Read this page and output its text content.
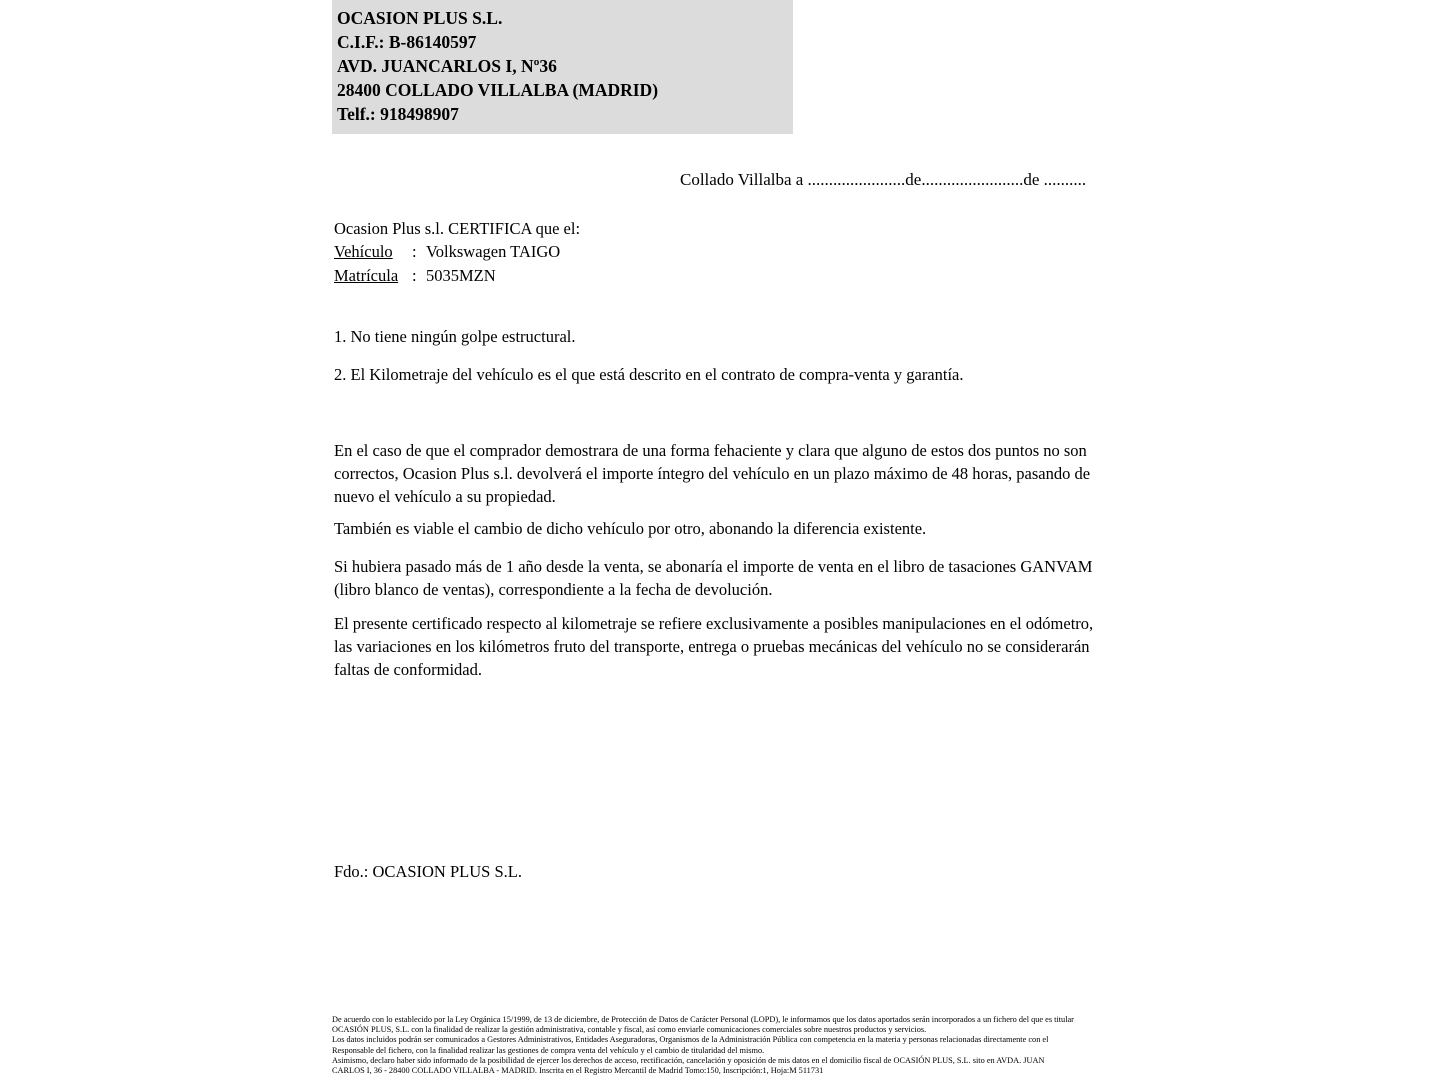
OCASION PLUS S.L.
C.I.F.: B-86140597
AVD. JUANCARLOS I, Nº36
28400 COLLADO VILLALBA (MADRID)
Telf.: 918498907
Collado Villalba a .......................de........................de ..........
Ocasion Plus s.l. CERTIFICA que el:
Vehículo : Volkswagen TAIGO
Matrícula : 5035MZN
1. No tiene ningún golpe estructural.
2. El Kilometraje del vehículo es el que está descrito en el contrato de compra-venta y garantía.
En el caso de que el comprador demostrara de una forma fehaciente y clara que alguno de estos dos puntos no son correctos, Ocasion Plus s.l. devolverá el importe íntegro del vehículo en un plazo máximo de 48 horas, pasando de nuevo el vehículo a su propiedad.
También es viable el cambio de dicho vehículo por otro, abonando la diferencia existente.
Si hubiera pasado más de 1 año desde la venta, se abonaría el importe de venta en el libro de tasaciones GANVAM (libro blanco de ventas), correspondiente a la fecha de devolución.
El presente certificado respecto al kilometraje se refiere exclusivamente a posibles manipulaciones en el odómetro, las variaciones en los kilómetros fruto del transporte, entrega o pruebas mecánicas del vehículo no se considerarán faltas de conformidad.
Fdo.: OCASION PLUS S.L.
De acuerdo con lo establecido por la Ley Orgánica 15/1999, de 13 de diciembre, de Protección de Datos de Carácter Personal (LOPD), le informamos que los datos aportados serán incorporados a un fichero del que es titular
OCASIÓN PLUS, S.L. con la finalidad de realizar la gestión administrativa, contable y fiscal, así como enviarle comunicaciones comerciales sobre nuestros productos y servicios.
Los datos incluidos podrán ser comunicados a Gestores Administrativos, Entidades Aseguradoras, Organismos de la Administración Pública con competencia en la materia y personas relacionadas directamente con el
Responsable del fichero, con la finalidad realizar las gestiones de compra venta del vehículo y el cambio de titularidad del mismo.
Asimismo, declaro haber sido informado de la posibilidad de ejercer los derechos de acceso, rectificación, cancelación y oposición de mis datos en el domicilio fiscal de OCASIÓN PLUS, S.L. sito en AVDA. JUAN
CARLOS I, 36 - 28400 COLLADO VILLALBA - MADRID. Inscrita en el Registro Mercantil de Madrid Tomo:150, Inscripción:1, Hoja:M 511731
